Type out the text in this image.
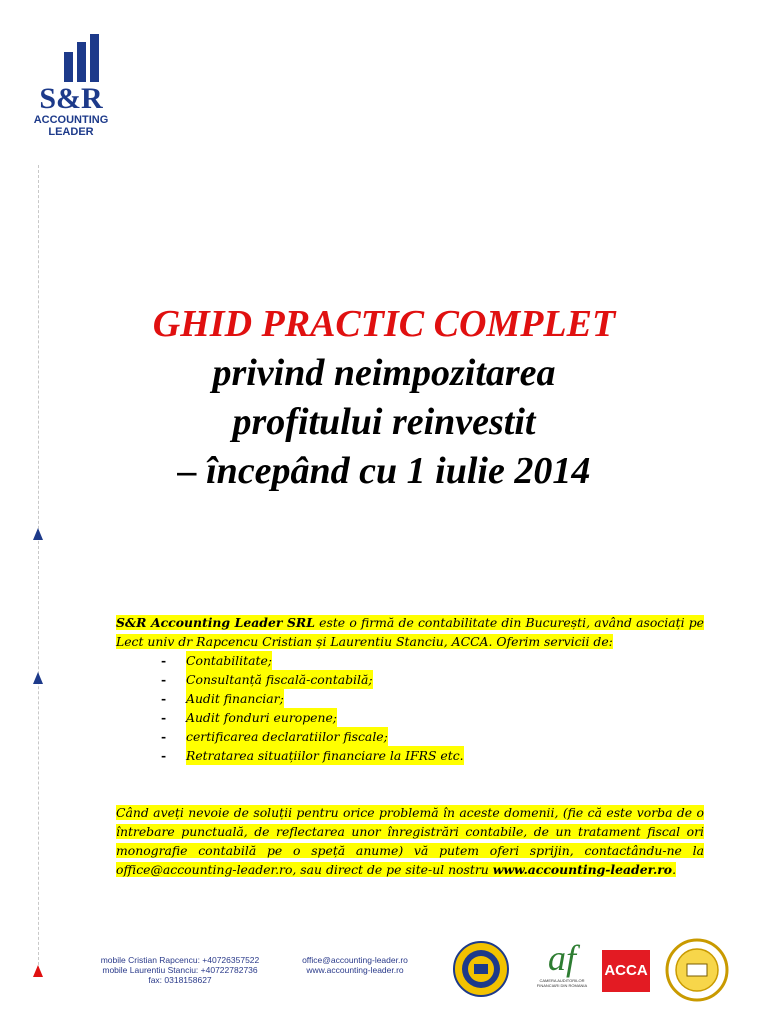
S&R
ACCOUNTING
LEADER
GHID PRACTIC COMPLET
privind neimpozitarea
profitului reinvestit
– începând cu 1 iulie 2014

S&R Accounting Leader SRL este o firmă de contabilitate din București, având asociați pe Lect univ dr Rapcencu Cristian și Laurentiu Stanciu, ACCA. Oferim servicii de:

-	Contabilitate;
-	Consultanță fiscală-contabilă;
-	Audit financiar;
-	Audit fonduri europene;
-	certificarea declaratiilor fiscale;
-	Retratarea situațiilor financiare la IFRS etc.

Când aveți nevoie de soluții pentru orice problemă în aceste domenii, (fie că este vorba de o întrebare punctuală, de reflectarea unor înregistrări contabile, de un tratament fiscal ori monografie contabilă pe o speță anume) vă putem oferi sprijin, contactându-ne la office@accounting-leader.ro, sau direct de pe site-ul nostru www.accounting-leader.ro.

mobile Cristian Rapcencu: +40726357522
mobile Laurentiu Stanciu: +40722782736
fax: 0318158627
office@accounting-leader.ro
www.accounting-leader.ro	af
CAMERA AUDITORILOR FINANCIARI DIN ROMANIA
ACCA
